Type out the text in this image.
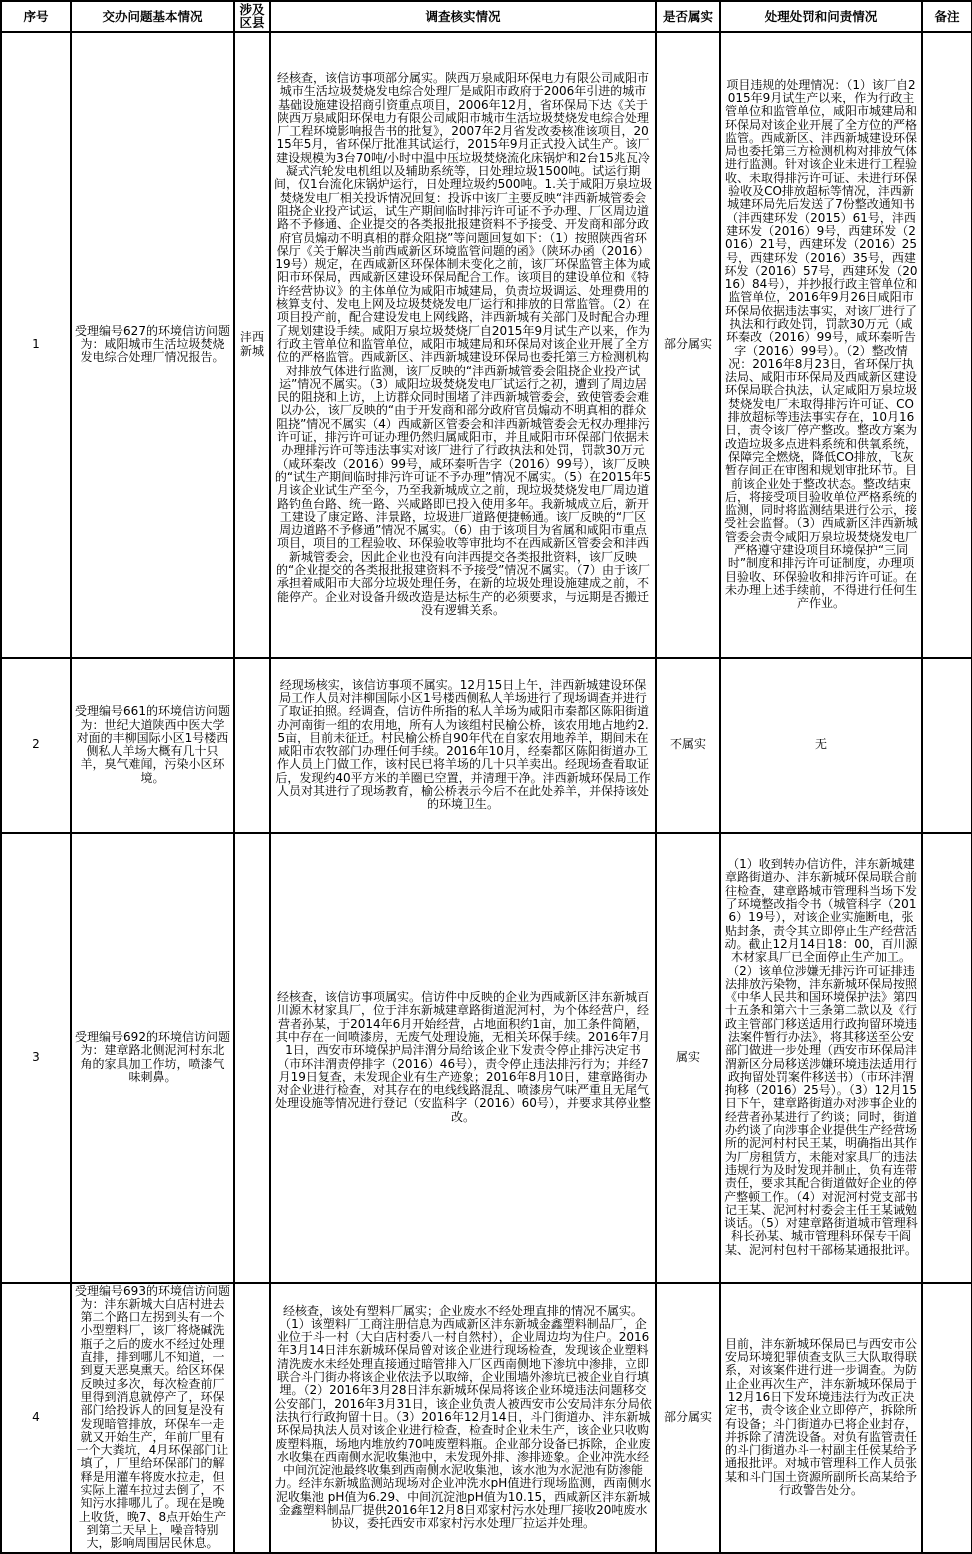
序号	交办问题基本情况	涉及区县	调查核实情况	是否属实	处理处罚和问责情况	备注
1	受理编号627的环境信访问题为：咸阳城市生活垃圾焚烧发电综合处理厂情况报告。	沣西新城	经核查，该信访事项部分属实。陕西万泉咸阳环保电力有限公司咸阳市城市生活垃圾焚烧发电综合处理厂是咸阳市政府于2006年引进的城市基础设施建设招商引资重点项目，2006年12月，省环保局下达《关于陕西万泉咸阳环保电力有限公司咸阳市城市生活垃圾焚烧发电综合处理厂工程环境影响报告书的批复》，2007年2月省发改委核准该项目，2015年5月，省环保厅批准其试运行，2015年9月正式投入试生产。该厂建设规模为3台70吨/小时中温中压垃圾焚烧流化床锅炉和2台15兆瓦冷凝式汽轮发电机组以及辅助系统等，日处理垃圾1500吨。试运行期间，仅1台流化床锅炉运行，日处理垃圾约500吨。1.关于咸阳万泉垃圾焚烧发电厂相关投诉情况回复：投诉中该厂主要反映“沣西新城管委会阻挠企业投产试运，试生产期间临时排污许可证不予办理、厂区周边道路不予修通、企业提交的各类报批报建资料不予接受、开发商和部分政府官员煽动不明真相的群众阻挠”等问题回复如下：（1）按照陕西省环保厅《关于解决当前西咸新区环境监管问题的函》（陕环办函（2016）19号）规定，在西咸新区环保体制未变化之前，该厂环保监管主体为咸阳市环保局，西咸新区建设环保局配合工作。该项目的建设单位和《特许经营协议》的主体单位为咸阳市城建局，负责垃圾调运、处理费用的核算支付、发电上网及垃圾焚烧发电厂运行和排放的日常监管。（2）在项目投产前，配合建设发电上网线路，沣西新城有关部门及时配合办理了规划建设手续。咸阳万泉垃圾焚烧厂自2015年9月试生产以来，作为行政主管单位和监管单位，咸阳市城建局和环保局对该企业开展了全方位的严格监管。西咸新区、沣西新城建设环保局也委托第三方检测机构对排放气体进行监测，该厂反映的“沣西新城管委会阻挠企业投产试运”情况不属实。（3）咸阳垃圾焚烧发电厂试运行之初，遭到了周边居民的阻挠和上访，上访群众同时围堵了沣西新城管委会，致使管委会难以办公，该厂反映的“由于开发商和部分政府官员煽动不明真相的群众阻挠”情况不属实（4）西咸新区管委会和沣西新城管委会无权办理排污许可证，排污许可证办理仍然归属咸阳市，并且咸阳市环保部门依据未办理排污许可等违法事实对该厂进行了行政执法和处罚，罚款30万元（咸环秦改（2016）99号，咸环秦听告字（2016）99号），该厂反映的“试生产期间临时排污许可证不予办理”情况不属实。（5）在2015年5月该企业试生产至今，乃至我新城成立之前，现垃圾焚烧发电厂周边道路钓鱼台路、统一路、兴咸路即已投入使用多年。我新城成立后，新开工建设了康定路、沣景路，垃圾进厂道路便捷畅通。该厂反映的“厂区周边道路不予修通”情况不属实。（6）由于该项目为省属和咸阳市重点项目，项目的工程验收、环保验收等审批均不在西咸新区管委会和沣西新城管委会，因此企业也没有向沣西提交各类报批资料，该厂反映的“企业提交的各类报批报建资料不予接受”情况不属实。（7）由于该厂承担着咸阳市大部分垃圾处理任务，在新的垃圾处理设施建成之前，不能停产。企业对设备升级改造是达标生产的必须要求，与远期是否搬迁没有逻辑关系。	部分属实	项目违规的处理情况：（1）该厂自2015年9月试生产以来，作为行政主管单位和监管单位，咸阳市城建局和环保局对该企业开展了全方位的严格监管。西咸新区、沣西新城建设环保局也委托第三方检测机构对排放气体进行监测。针对该企业未进行工程验收、未取得排污许可证、未进行环保验收及CO排放超标等情况，沣西新城建环局先后发送了7份整改通知书（沣西建环发（2015）61号，沣西建环发（2016）9号，西建环发（2016）21号，西建环发（2016）25号，西建环发（2016）35号，西建环发（2016）57号，西建环发（2016）84号），并抄报行政主管单位和监管单位，2016年9月26日咸阳市环保局依据违法事实，对该厂进行了执法和行政处罚，罚款30万元（咸环秦改（2016）99号，咸环秦听告字（2016）99号）。（2）整改情况：2016年8月23日，省环保厅执法局、咸阳市环保局及西咸新区建设环保局联合执法，认定咸阳万泉垃圾焚烧发电厂未取得排污许可证、CO排放超标等违法事实存在，10月16日，责令该厂停产整改。整改方案为改造垃圾多点进料系统和供氧系统，保障完全燃烧，降低CO排放，飞灰暂存间正在审图和规划审批环节。目前该企业处于整改状态。整改结束后，将接受项目验收单位严格系统的监测，同时将监测结果进行公示，接受社会监督。（3）西咸新区沣西新城管委会责令咸阳万泉垃圾焚烧发电厂严格遵守建设项目环境保护“三同时”制度和排污许可证制度，办理项目验收、环保验收和排污许可证。在未办理上述手续前，不得进行任何生产作业。	
2	受理编号661的环境信访问题为：世纪大道陕西中医大学对面的丰柳国际小区1号楼西侧私人羊场大概有几十只羊，臭气难闻，污染小区环境。		经现场核实，该信访事项不属实。12月15日上午，沣西新城建设环保局工作人员对沣柳国际小区1号楼西侧私人羊场进行了现场调查并进行了取证拍照。经调查，信访件所指的私人羊场为咸阳市秦都区陈阳街道办河南街一组的农用地，所有人为该组村民榆公桥，该农用地占地约2.5亩，目前未征迁。村民榆公桥自90年代在自家农用地养羊，期间未在咸阳市农牧部门办理任何手续。2016年10月，经秦都区陈阳街道办工作人员上门做工作，该村民已将羊场的几十只羊卖出。经现场查看取证后，发现约40平方米的羊圈已空置，并清理干净。沣西新城环保局工作人员对其进行了现场教育，榆公桥表示今后不在此处养羊，并保持该处的环境卫生。	不属实	无	
3	受理编号692的环境信访问题为：建章路北侧泥河村东北角的家具加工作坊，喷漆气味刺鼻。		经核查，该信访事项属实。信访件中反映的企业为西咸新区沣东新城百川源木材家具厂，位于沣东新城建章路街道泥河村，为个体经营户，经营者孙某，于2014年6月开始经营，占地面积约1亩，加工条件简陋，其中存在一间喷漆房，无废气处理设施，无相关环保手续。2016年7月1日，西安市环境保护局沣渭分局给该企业下发责令停止排污决定书（市环沣渭责停排字（2016）46号），责令停止违法排污行为；并经7月19日复查，未发现企业有生产迹象；2016年8月10日，建章路街办对企业进行检查，对其存在的电线线路混乱、喷漆房气味严重且无尾气处理设施等情况进行登记（安监科字（2016）60号），并要求其停业整改。	属实	（1）收到转办信访件，沣东新城建章路街道办、沣东新城环保局联合前往检查，建章路城市管理科当场下发了环境整改指令书（城管科字（2016）19号），对该企业实施断电，张贴封条，责令其立即停止生产经营活动。截止12月14日18：00，百川源木材家具厂已全面停止生产加工。（2）该单位涉嫌无排污许可证排违法排放污染物，沣东新城环保局按照《中华人民共和国环境保护法》第四十五条和第六十三条第二款以及《行政主管部门移送适用行政拘留环境违法案件暂行办法》，将其移送至公安部门做进一步处理（西安市环保局沣渭新区分局移送涉嫌环境违法适用行政拘留处罚案件移送书）（市环沣渭拘移（2016）25号）。（3）12月15日下午，建章路街道办对涉事企业的经营者孙某进行了约谈；同时，街道办约谈了向涉事企业提供生产经营场所的泥河村村民王某，明确指出其作为厂房租赁方，未能对家具厂的违法违规行为及时发现并制止，负有连带责任，要求其配合街道做好企业的停产整顿工作。（4）对泥河村党支部书记王某、泥河村村委会主任王某诫勉谈话。（5）对建章路街道城市管理科科长孙某、城市管理科环保专干阎某、泥河村包村干部杨某通报批评。	
4	受理编号693的环境信访问题为：沣东新城大白店村进去第二个路口左拐到头有一个小型塑料厂，该厂将烧碱洗瓶子之后的废水不经过处理直排，排到哪儿不知道，一到夏天恶臭熏天。给区环保反映过多次，每次检查前厂里得到消息就停产了，环保部门给投诉人的回复是没有发现暗管排放，环保车一走就又开始生产，年前厂里有一个大粪坑，4月环保部门让填了，厂里给环保部门的解释是用灌车将废水拉走，但实际上灌车拉过去倒了，不知污水排哪儿了。现在是晚上收货，晚7、8点开始生产到第二天早上，噪音特别大，影响周围居民休息。		经核查，该处有塑料厂属实；企业废水不经处理直排的情况不属实。（1）该塑料厂工商注册信息为西咸新区沣东新城金鑫塑料制品厂，企业位于斗一村（大白店村委八一村自然村），企业周边均为住户。2016年3月14日沣东新城环保局曾对该企业进行现场检查，发现该企业塑料清洗废水未经处理直接通过暗管排入厂区西南侧地下渗坑中渗排，立即联合斗门街办将该企业依法予以取缔，企业围墙外渗坑已被企业自行填埋。（2）2016年3月28日沣东新城环保局将该企业环境违法问题移交公安部门，2016年3月31日，该企业负责人被西安市公安局沣东分局依法执行行政拘留十日。（3）2016年12月14日，斗门街道办、沣东新城环保局执法人员对该企业进行检查，检查时企业未生产，该企业只收购废塑料瓶，场地内堆放约70吨废塑料瓶。企业部分设备已拆除，企业废水收集在西南侧水泥收集池中，未发现外排、渗排迹象。企业冲洗水经中间沉淀池最终收集到西南侧水泥收集池，该水池为水泥池有防渗能力。经沣东新城监测站现场对企业冲洗水pH值进行现场监测，西南侧水泥收集池 pH值为6.29、中间沉淀池pH值为10.15，西咸新区沣东新城金鑫塑料制品厂提供2016年12月8日邓家村污水处理厂接收20吨废水协议，委托西安市邓家村污水处理厂拉运并处理。	部分属实	目前，沣东新城环保局已与西安市公安局环境犯罪侦查支队三大队取得联系，对该案件进行进一步调查。为防止企业再次生产，沣东新城环保局于12月16日下发环境违法行为改正决定书，责令该企业立即停产，拆除所有设备；斗门街道办已将企业封存，并拆除了清洗设备。对负有监管责任的斗门街道办斗一村副主任侯某给予通报批评。对城市管理科工作人员张某和斗门国土资源所副所长高某给予行政警告处分。	
